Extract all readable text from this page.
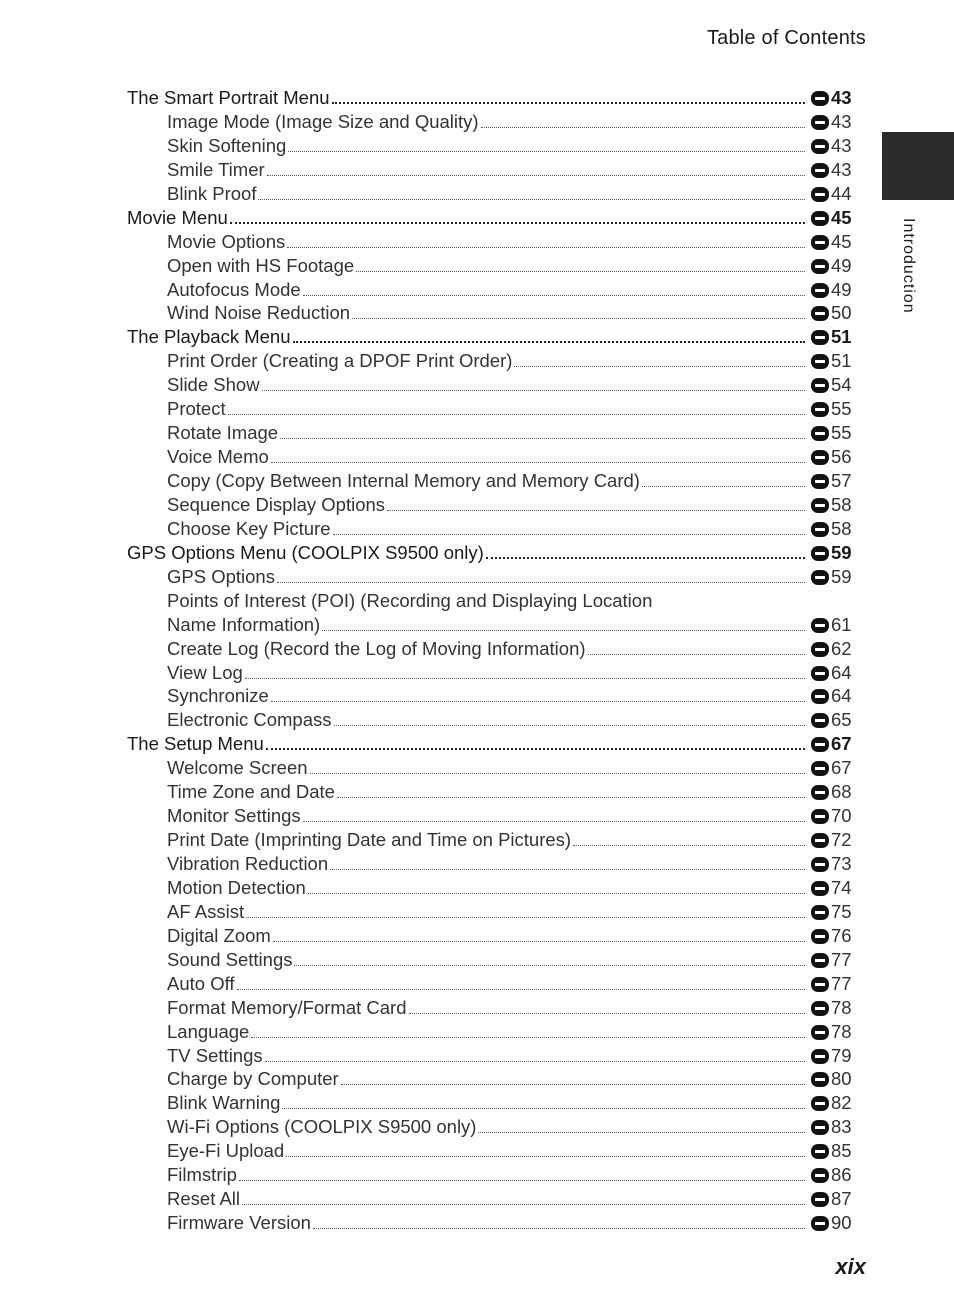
Table of Contents
Introduction
The Smart Portrait Menu	43
Image Mode (Image Size and Quality)	43
Skin Softening	43
Smile Timer	43
Blink Proof	44
Movie Menu	45
Movie Options	45
Open with HS Footage	49
Autofocus Mode	49
Wind Noise Reduction	50
The Playback Menu	51
Print Order (Creating a DPOF Print Order)	51
Slide Show	54
Protect	55
Rotate Image	55
Voice Memo	56
Copy (Copy Between Internal Memory and Memory Card)	57
Sequence Display Options	58
Choose Key Picture	58
GPS Options Menu (COOLPIX S9500 only)	59
GPS Options	59
Points of Interest (POI) (Recording and Displaying Location
Name Information)	61
Create Log (Record the Log of Moving Information)	62
View Log	64
Synchronize	64
Electronic Compass	65
The Setup Menu	67
Welcome Screen	67
Time Zone and Date	68
Monitor Settings	70
Print Date (Imprinting Date and Time on Pictures)	72
Vibration Reduction	73
Motion Detection	74
AF Assist	75
Digital Zoom	76
Sound Settings	77
Auto Off	77
Format Memory/Format Card	78
Language	78
TV Settings	79
Charge by Computer	80
Blink Warning	82
Wi-Fi Options (COOLPIX S9500 only)	83
Eye-Fi Upload	85
Filmstrip	86
Reset All	87
Firmware Version	90
xix
